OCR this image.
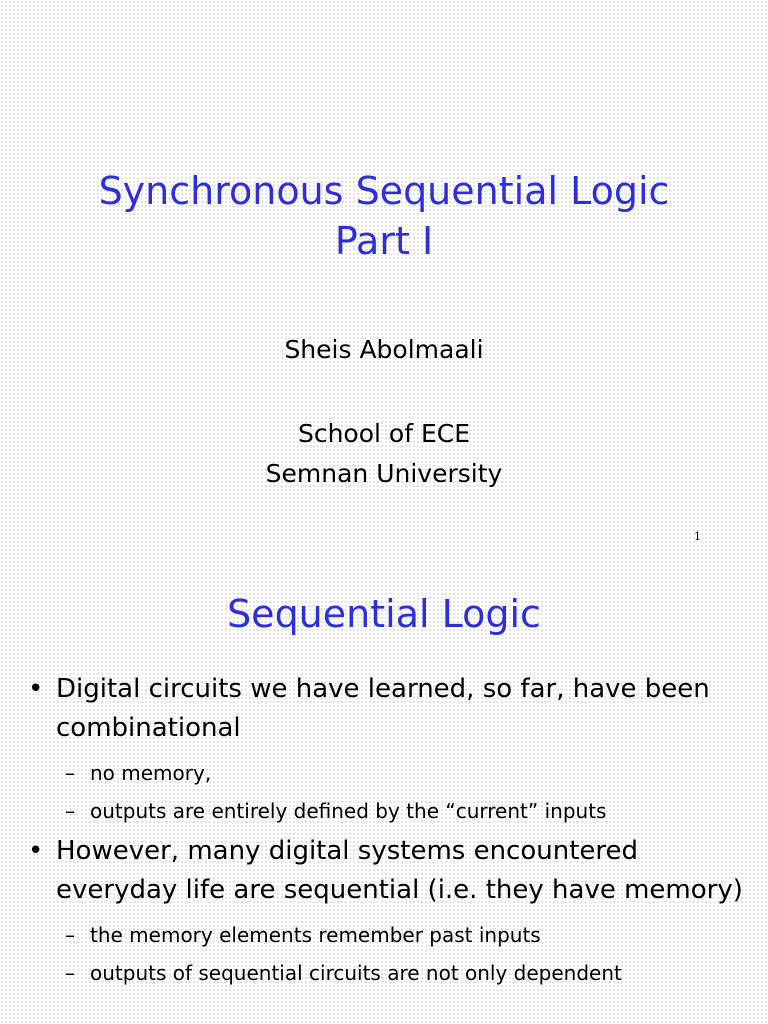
Synchronous Sequential Logic
Part I
Sheis Abolmaali
School of ECE
Semnan University
1
Sequential Logic
• Digital circuits we have learned, so far, have been combinational
– no memory,
– outputs are entirely defined by the “current” inputs
• However, many digital systems encountered everyday life are sequential (i.e. they have memory)
– the memory elements remember past inputs
– outputs of sequential circuits are not only dependent
